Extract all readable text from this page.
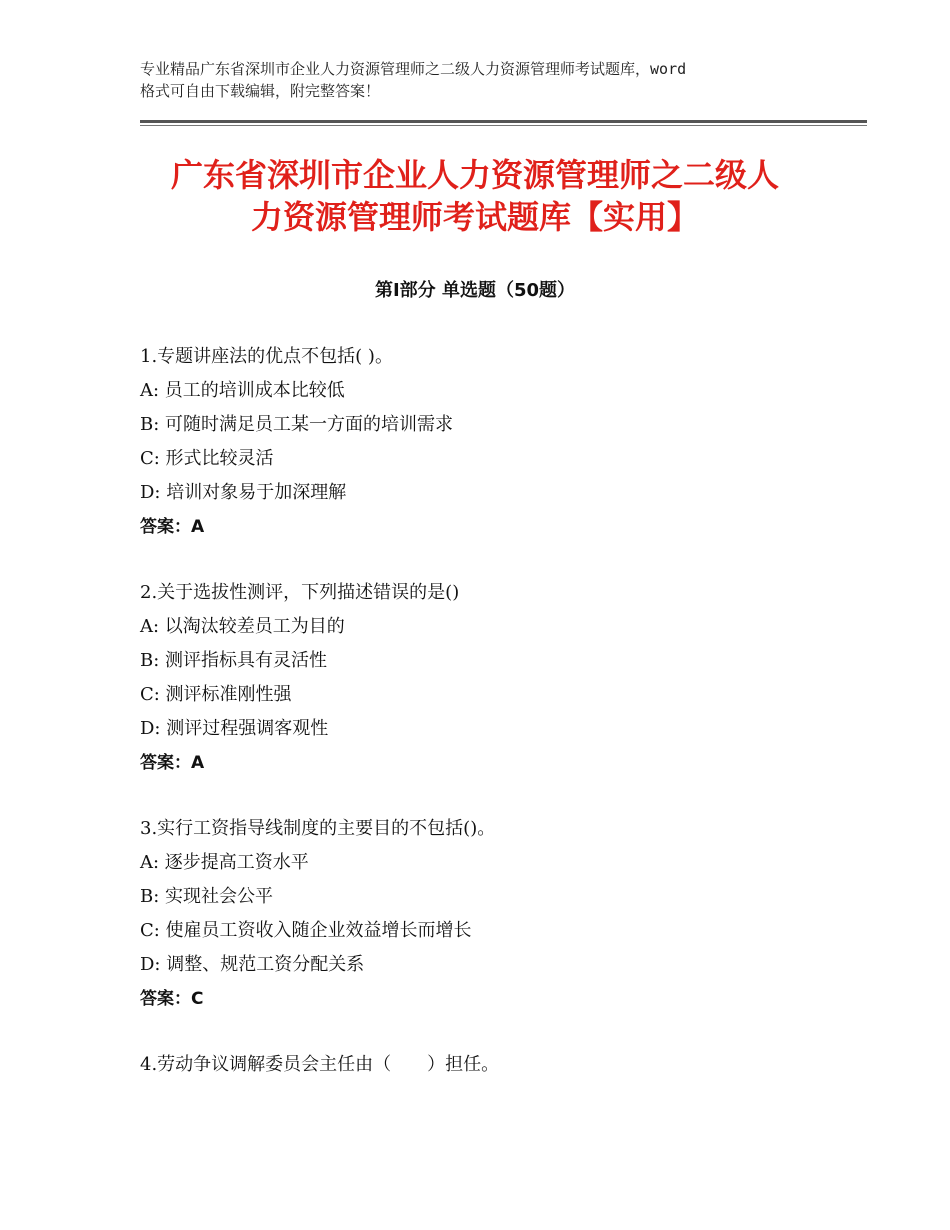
专业精品广东省深圳市企业人力资源管理师之二级人力资源管理师考试题库，word
格式可自由下载编辑，附完整答案！
广东省深圳市企业人力资源管理师之二级人
力资源管理师考试题库【实用】
第Ⅰ部分 单选题（50题）
1.专题讲座法的优点不包括( )。
A: 员工的培训成本比较低
B: 可随时满足员工某一方面的培训需求
C: 形式比较灵活
D: 培训对象易于加深理解
答案：A
2.关于选拔性测评，下列描述错误的是()
A: 以淘汰较差员工为目的
B: 测评指标具有灵活性
C: 测评标准刚性强
D: 测评过程强调客观性
答案：A
3.实行工资指导线制度的主要目的不包括()。
A: 逐步提高工资水平
B: 实现社会公平
C: 使雇员工资收入随企业效益增长而增长
D: 调整、规范工资分配关系
答案：C
4.劳动争议调解委员会主任由（　　）担任。
